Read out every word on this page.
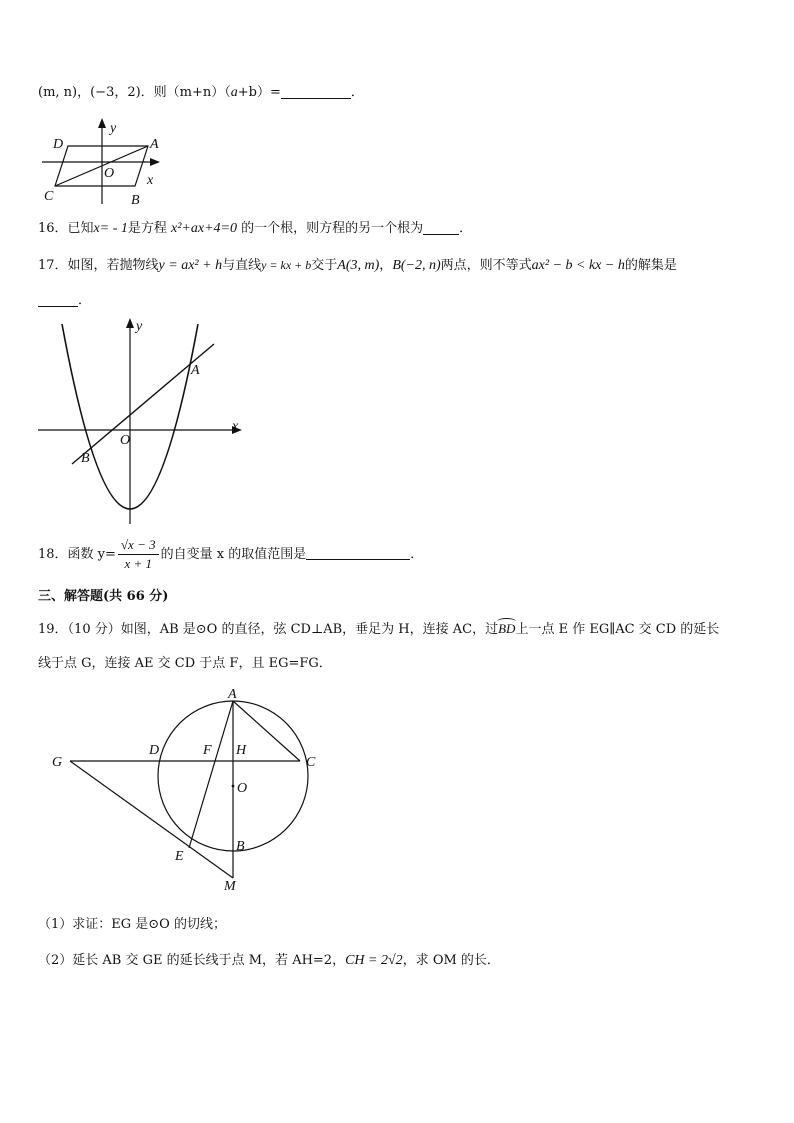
(m, n)，(−3，2)．则（m+n）（a+b）=	．
D
y
A
O x
C	B
16．已知x= - 1是方程 x²+ax+4=0 的一个根，则方程的另一个根为	．
17．如图，若抛物线y = ax² + h与直线y = kx + b交于A(3, m)，B(−2, n)两点，则不等式ax² − b < kx − h的解集是
．
y
A
O
x
B
18．函数 $y= \frac{√x - 3}{x + 1}$ 的自变量 x 的取值范围是	．
三、解答题(共 66 分)
19．（10 分）如图，AB 是⊙O 的直径，弦 CD⊥AB，垂足为 H，连接 AC，过BD上一点 E 作 EG∥AC 交 CD 的延长
线于点 G，连接 AE 交 CD 于点 F，且 EG=FG．
A
G
D	F H
C
O
E
B
M
（1）求证：EG 是⊙O 的切线；
（2）延长 AB 交 GE 的延长线于点 M，若 AH=2，CH = 2√2，求 OM 的长．
